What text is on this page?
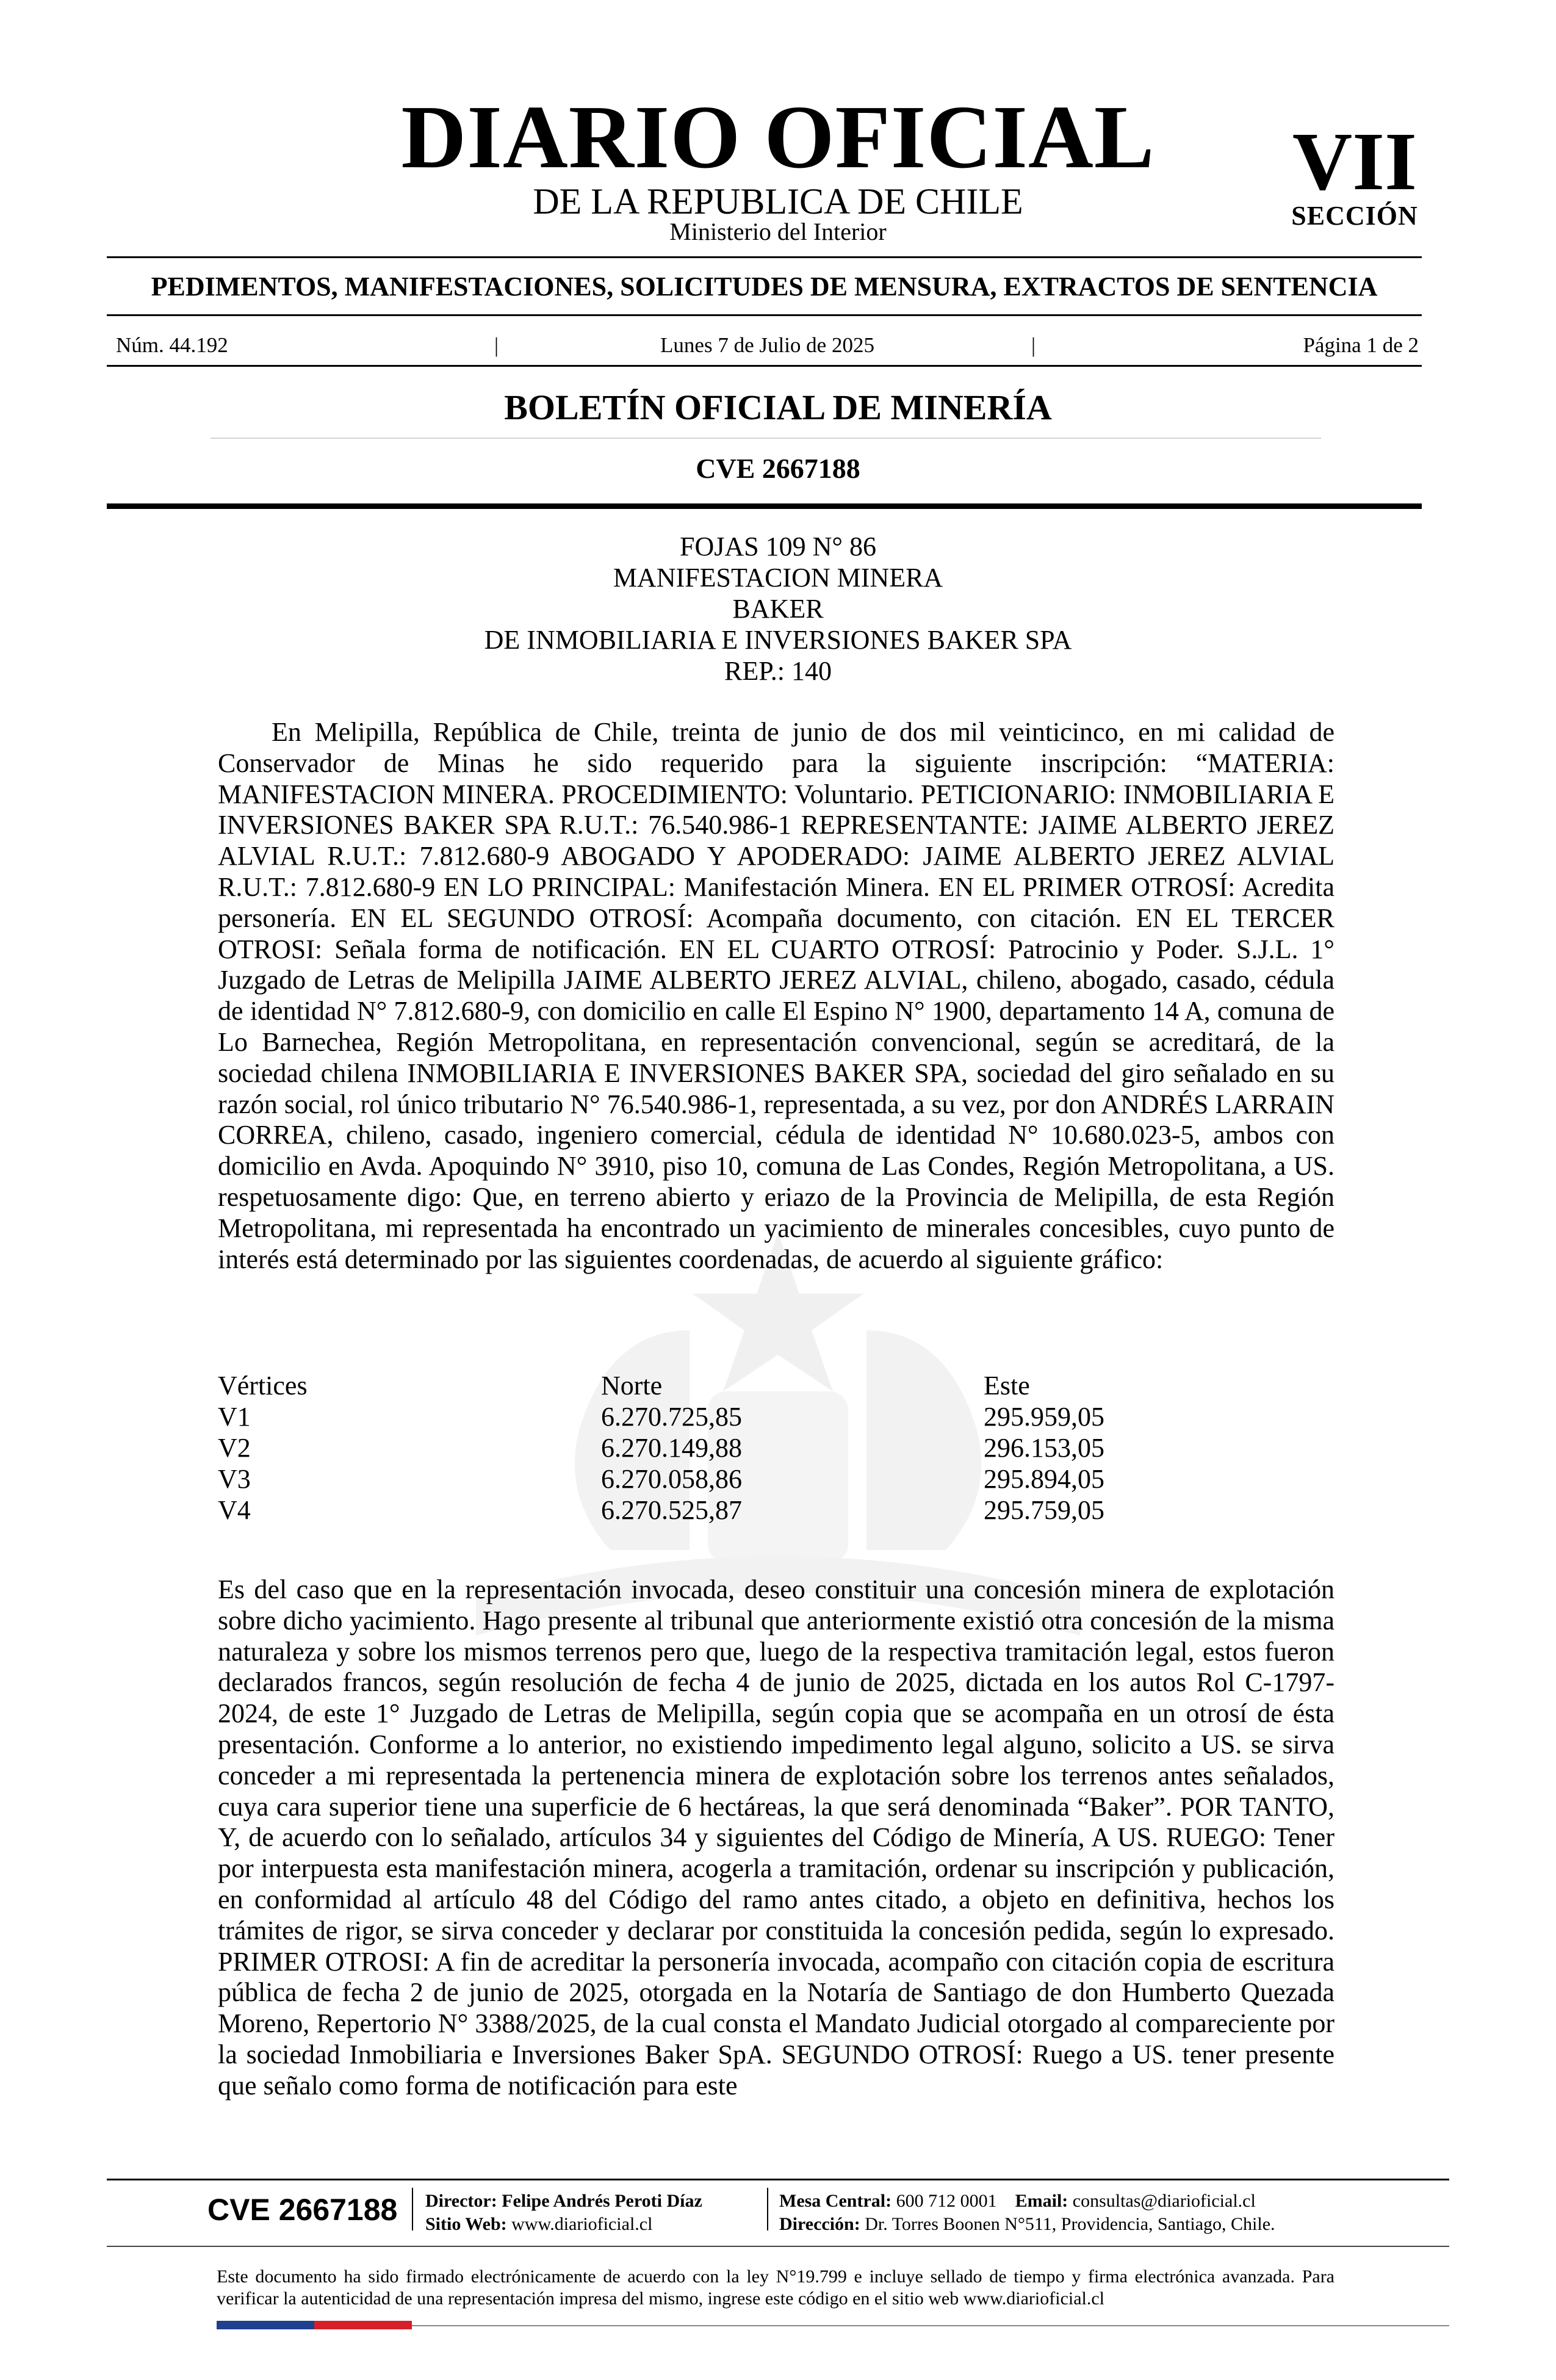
DIARIO OFICIAL
DE LA REPUBLICA DE CHILE
Ministerio del Interior
VII
SECCIÓN
PEDIMENTOS, MANIFESTACIONES, SOLICITUDES DE MENSURA, EXTRACTOS DE SENTENCIA
Núm. 44.192	|	Lunes 7 de Julio de 2025	|	Página 1 de 2
BOLETÍN OFICIAL DE MINERÍA
CVE 2667188
FOJAS 109 N° 86
MANIFESTACION MINERA
BAKER
DE INMOBILIARIA E INVERSIONES BAKER SPA
REP.: 140
En Melipilla, República de Chile, treinta de junio de dos mil veinticinco, en mi calidad de Conservador de Minas he sido requerido para la siguiente inscripción: “MATERIA: MANIFESTACION MINERA. PROCEDIMIENTO: Voluntario. PETICIONARIO: INMOBILIARIA E INVERSIONES BAKER SPA R.U.T.: 76.540.986-1 REPRESENTANTE: JAIME ALBERTO JEREZ ALVIAL R.U.T.: 7.812.680-9 ABOGADO Y APODERADO: JAIME ALBERTO JEREZ ALVIAL R.U.T.: 7.812.680-9 EN LO PRINCIPAL: Manifestación Minera. EN EL PRIMER OTROSÍ: Acredita personería. EN EL SEGUNDO OTROSÍ: Acompaña documento, con citación. EN EL TERCER OTROSI: Señala forma de notificación. EN EL CUARTO OTROSÍ: Patrocinio y Poder. S.J.L. 1° Juzgado de Letras de Melipilla JAIME ALBERTO JEREZ ALVIAL, chileno, abogado, casado, cédula de identidad N° 7.812.680-9, con domicilio en calle El Espino N° 1900, departamento 14 A, comuna de Lo Barnechea, Región Metropolitana, en representación convencional, según se acreditará, de la sociedad chilena INMOBILIARIA E INVERSIONES BAKER SPA, sociedad del giro señalado en su razón social, rol único tributario N° 76.540.986-1, representada, a su vez, por don ANDRÉS LARRAIN CORREA, chileno, casado, ingeniero comercial, cédula de identidad N° 10.680.023-5, ambos con domicilio en Avda. Apoquindo N° 3910, piso 10, comuna de Las Condes, Región Metropolitana, a US. respetuosamente digo: Que, en terreno abierto y eriazo de la Provincia de Melipilla, de esta Región Metropolitana, mi representada ha encontrado un yacimiento de minerales concesibles, cuyo punto de interés está determinado por las siguientes coordenadas, de acuerdo al siguiente gráfico:
Vértices	Norte	Este
V1	6.270.725,85	295.959,05
V2	6.270.149,88	296.153,05
V3	6.270.058,86	295.894,05
V4	6.270.525,87	295.759,05
Es del caso que en la representación invocada, deseo constituir una concesión minera de explotación sobre dicho yacimiento. Hago presente al tribunal que anteriormente existió otra concesión de la misma naturaleza y sobre los mismos terrenos pero que, luego de la respectiva tramitación legal, estos fueron declarados francos, según resolución de fecha 4 de junio de 2025, dictada en los autos Rol C-1797-2024, de este 1° Juzgado de Letras de Melipilla, según copia que se acompaña en un otrosí de ésta presentación. Conforme a lo anterior, no existiendo impedimento legal alguno, solicito a US. se sirva conceder a mi representada la pertenencia minera de explotación sobre los terrenos antes señalados, cuya cara superior tiene una superficie de 6 hectáreas, la que será denominada “Baker”. POR TANTO, Y, de acuerdo con lo señalado, artículos 34 y siguientes del Código de Minería, A US. RUEGO: Tener por interpuesta esta manifestación minera, acogerla a tramitación, ordenar su inscripción y publicación, en conformidad al artículo 48 del Código del ramo antes citado, a objeto en definitiva, hechos los trámites de rigor, se sirva conceder y declarar por constituida la concesión pedida, según lo expresado. PRIMER OTROSI: A fin de acreditar la personería invocada, acompaño con citación copia de escritura pública de fecha 2 de junio de 2025, otorgada en la Notaría de Santiago de don Humberto Quezada Moreno, Repertorio N° 3388/2025, de la cual consta el Mandato Judicial otorgado al compareciente por la sociedad Inmobiliaria e Inversiones Baker SpA. SEGUNDO OTROSÍ: Ruego a US. tener presente que señalo como forma de notificación para este
CVE 2667188 Director: Felipe Andrés Peroti Díaz
Sitio Web: www.diarioficial.cl
Mesa Central: 600 712 0001 Email: consultas@diarioficial.cl
Dirección: Dr. Torres Boonen N°511, Providencia, Santiago, Chile.
Este documento ha sido firmado electrónicamente de acuerdo con la ley N°19.799 e incluye sellado de tiempo y firma electrónica avanzada. Para verificar la autenticidad de una representación impresa del mismo, ingrese este código en el sitio web www.diarioficial.cl
